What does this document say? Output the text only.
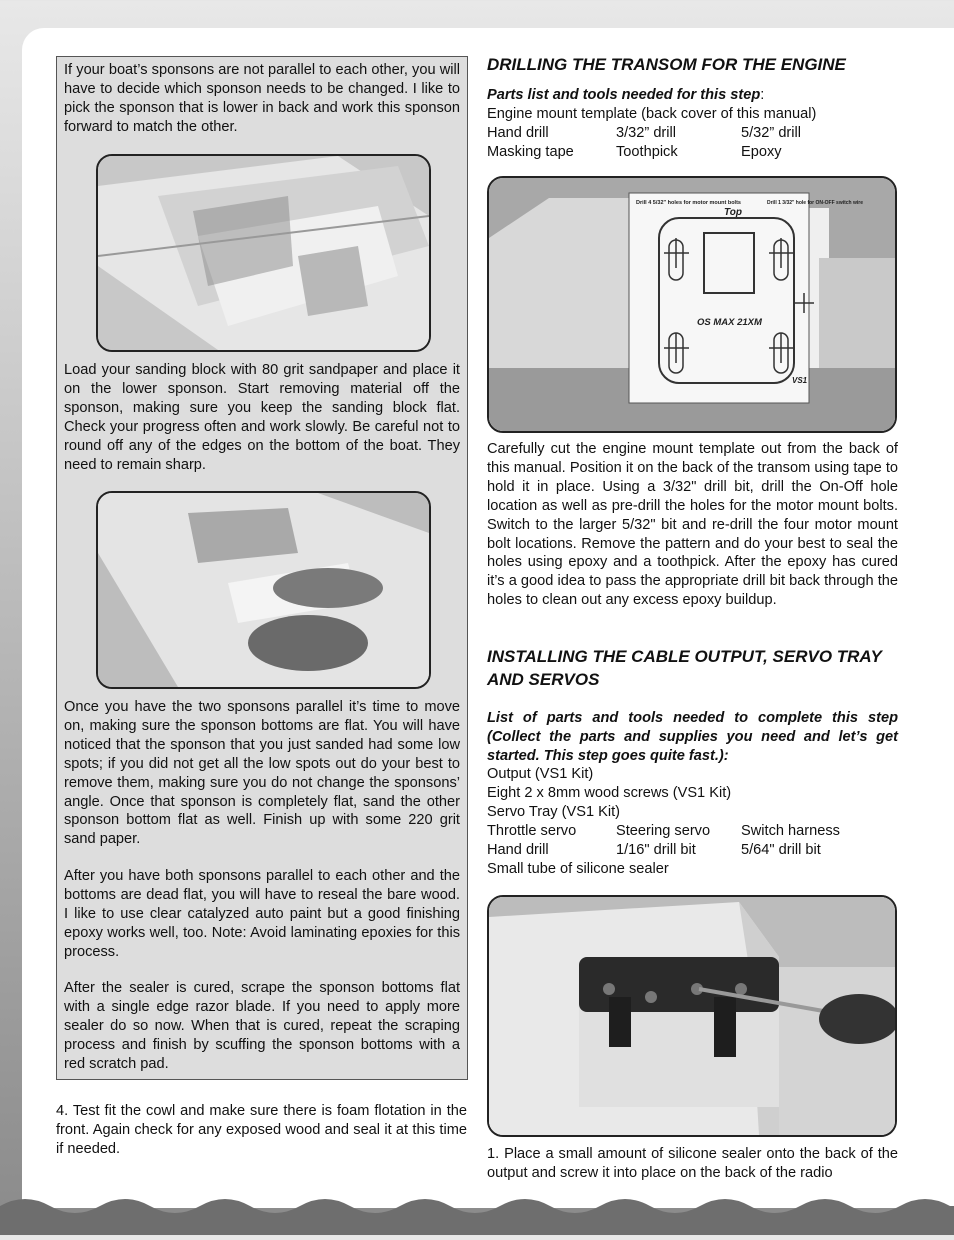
If your boat’s sponsons are not parallel to each other, you will have to decide which sponson needs to be changed. I like to pick the sponson that is lower in back and work this sponson forward to match the other.

Load your sanding block with 80 grit sandpaper and place it on the lower sponson. Start removing material off the sponson, making sure you keep the sanding block flat. Check your progress often and work slowly. Be careful not to round off any of the edges on the bottom of the boat. They need to remain sharp.

Once you have the two sponsons parallel it’s time to move on, making sure the sponson bottoms are flat. You will have noticed that the sponson that you just sanded had some low spots; if you did not get all the low spots out do your best to remove them, making sure you do not change the sponsons’ angle. Once that sponson is completely flat, sand the other sponson bottom flat as well. Finish up with some 220 grit sand paper.

After you have both sponsons parallel to each other and the bottoms are dead flat, you will have to reseal the bare wood. I like to use clear catalyzed auto paint but a good finishing epoxy works well, too. Note: Avoid laminating epoxies for this process.

After the sealer is cured, scrape the sponson bottoms flat with a single edge razor blade. If you need to apply more sealer do so now. When that is cured, repeat the scraping process and finish by scuffing the sponson bottoms with a red scratch pad.

4. Test fit the cowl and make sure there is foam flotation in the front. Again check for any exposed wood and seal it at this time if needed.

DRILLING THE TRANSOM FOR THE ENGINE
Parts list and tools needed for this step:
Engine mount template (back cover of this manual)
Hand drill	3/32” drill	5/32” drill
Masking tape	Toothpick	Epoxy
Drill 4 5/32" holes for motor mount bolts
Top
Drill 1 3/32" hole for ON-OFF switch wire
OS MAX 21XM
VS1

Carefully cut the engine mount template out from the back of this manual. Position it on the back of the transom using tape to hold it in place. Using a 3/32" drill bit, drill the On-Off hole location as well as pre-drill the holes for the motor mount bolts. Switch to the larger 5/32" bit and re-drill the four motor mount bolt locations. Remove the pattern and do your best to seal the holes using epoxy and a toothpick. After the epoxy has cured it’s a good idea to pass the appropriate drill bit back through the holes to clean out any excess epoxy buildup.

INSTALLING THE CABLE OUTPUT, SERVO TRAY AND SERVOS

List of parts and tools needed to complete this step (Collect the parts and supplies you need and let’s get started. This step goes quite fast.):

Output (VS1 Kit)
Eight 2 x 8mm wood screws (VS1 Kit)
Servo Tray (VS1 Kit)
Throttle servo	Steering servo	Switch harness
Hand drill	1/16" drill bit	5/64" drill bit
Small tube of silicone sealer

1. Place a small amount of silicone sealer onto the back of the output and screw it into place on the back of the radio

6
